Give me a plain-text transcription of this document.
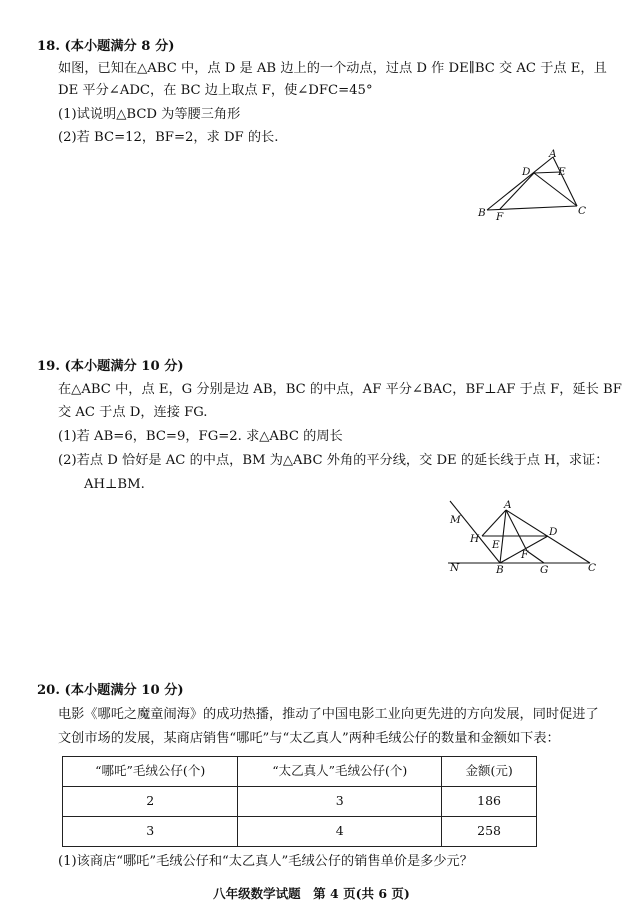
18. (本小题满分 8 分)
如图，已知在△ABC 中，点 D 是 AB 边上的一个动点，过点 D 作 DE∥BC 交 AC 于点 E，且
DE 平分∠ADC，在 BC 边上取点 F，使∠DFC=45°
(1)试说明△BCD 为等腰三角形
(2)若 BC=12，BF=2，求 DF 的长.
A
B	C
D	E
F
19. (本小题满分 10 分)
在△ABC 中，点 E，G 分别是边 AB，BC 的中点，AF 平分∠BAC，BF⊥AF 于点 F，延长 BF
交 AC 于点 D，连接 FG.
(1)若 AB=6，BC=9，FG=2. 求△ABC 的周长
(2)若点 D 恰好是 AC 的中点，BM 为△ABC 外角的平分线，交 DE 的延长线于点 H，求证：
AH⊥BM.
A
B	C
D
E
F
G
H
M
N
20. (本小题满分 10 分)
电影《哪吒之魔童闹海》的成功热播，推动了中国电影工业向更先进的方向发展，同时促进了
文创市场的发展，某商店销售“哪吒”与“太乙真人”两种毛绒公仔的数量和金额如下表：
“哪吒”毛绒公仔(个)	“太乙真人”毛绒公仔(个)	金额(元)
2	3	186
3	4	258
(1)该商店“哪吒”毛绒公仔和“太乙真人”毛绒公仔的销售单价是多少元？
八年级数学试题　第 4 页(共 6 页)
